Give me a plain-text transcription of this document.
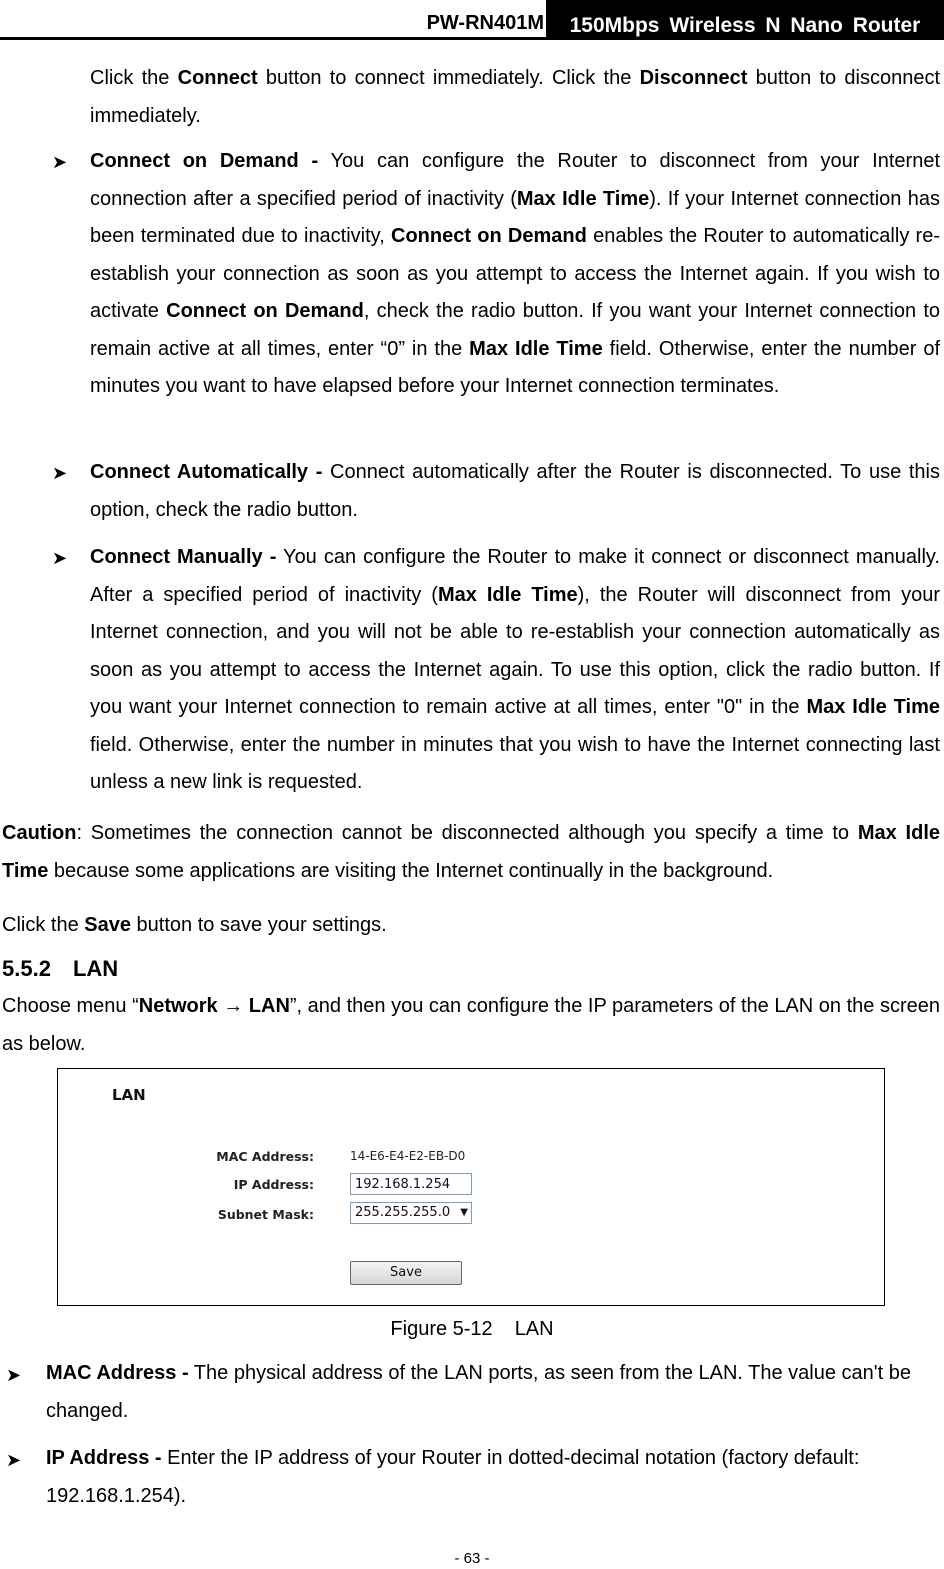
PW-RN401M	150Mbps Wireless N Nano Router
Click the Connect button to connect immediately. Click the Disconnect button to disconnect immediately.
➤ Connect on Demand - You can configure the Router to disconnect from your Internet connection after a specified period of inactivity (Max Idle Time). If your Internet connection has been terminated due to inactivity, Connect on Demand enables the Router to automatically re-establish your connection as soon as you attempt to access the Internet again. If you wish to activate Connect on Demand, check the radio button. If you want your Internet connection to remain active at all times, enter “0” in the Max Idle Time field. Otherwise, enter the number of minutes you want to have elapsed before your Internet connection terminates.
➤ Connect Automatically - Connect automatically after the Router is disconnected. To use this option, check the radio button.
➤ Connect Manually - You can configure the Router to make it connect or disconnect manually. After a specified period of inactivity (Max Idle Time), the Router will disconnect from your Internet connection, and you will not be able to re-establish your connection automatically as soon as you attempt to access the Internet again. To use this option, click the radio button. If you want your Internet connection to remain active at all times, enter "0" in the Max Idle Time field. Otherwise, enter the number in minutes that you wish to have the Internet connecting last unless a new link is requested.
Caution: Sometimes the connection cannot be disconnected although you specify a time to Max Idle Time because some applications are visiting the Internet continually in the background.
Click the Save button to save your settings.
5.5.2 LAN
Choose menu “Network → LAN”, and then you can configure the IP parameters of the LAN on the screen as below.
LAN
MAC Address:	14-E6-E4-E2-EB-D0
IP Address:	192.168.1.254
Subnet Mask:	255.255.255.0 ▼
Save
Figure 5-12 LAN
➤ MAC Address - The physical address of the LAN ports, as seen from the LAN. The value can't be changed.
➤ IP Address - Enter the IP address of your Router in dotted-decimal notation (factory default: 192.168.1.254).
- 63 -
